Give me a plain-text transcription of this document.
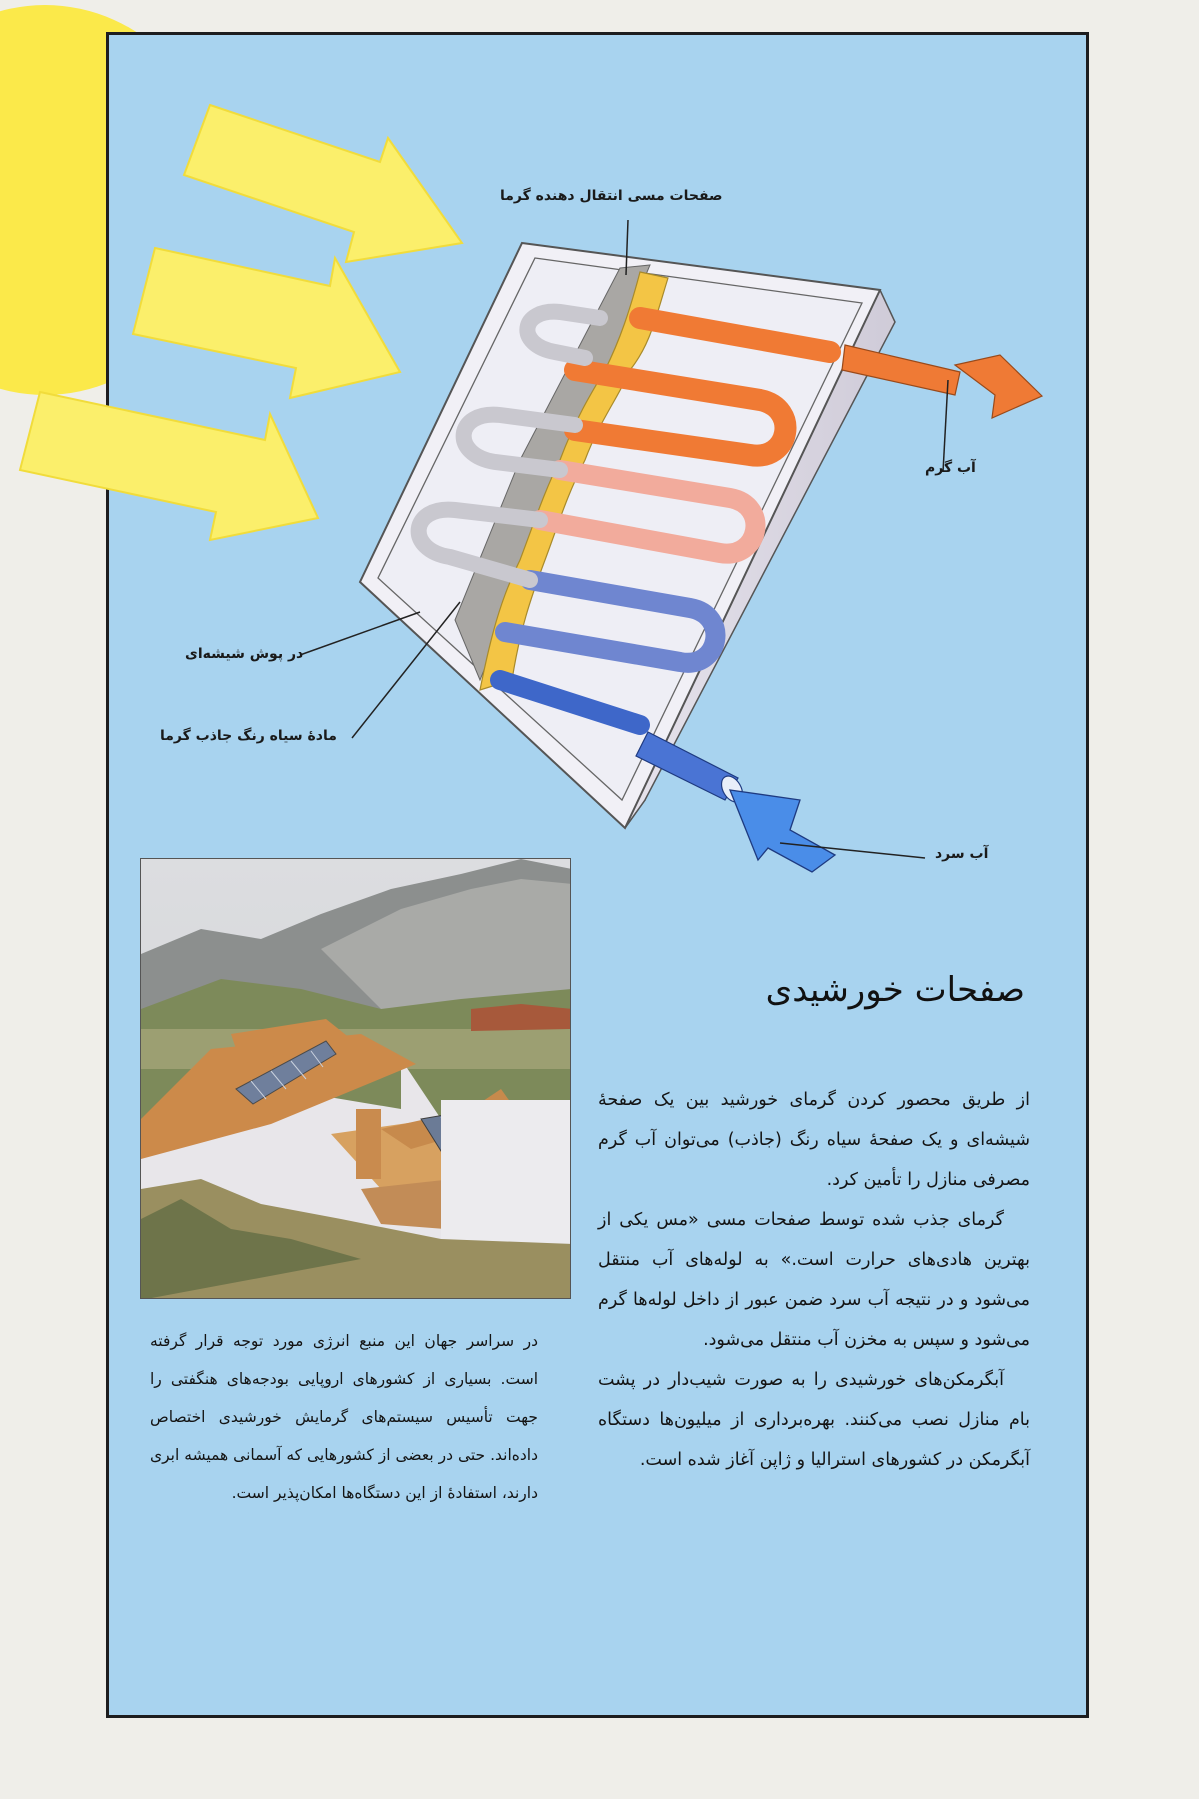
صفحات مسی انتقال دهنده گرما
آب گرم
در پوش شیشه‌ای
مادهٔ سیاه رنگ جاذب گرما
آب سرد
صفحات خورشیدی

از طریق محصور کردن گرمای خورشید بین یک صفحهٔ شیشه‌ای و یک صفحهٔ سیاه رنگ (جاذب) می‌توان آب گرم مصرفی منازل را تأمین کرد.

گرمای جذب شده توسط صفحات مسی «مس یکی از بهترین هادی‌های حرارت است.» به لوله‌های آب منتقل می‌شود و در نتیجه آب سرد ضمن عبور از داخل لوله‌ها گرم می‌شود و سپس به مخزن آب منتقل می‌شود.

آبگرمکن‌های خورشیدی را به صورت شیب‌دار در پشت بام منازل نصب می‌کنند. بهره‌برداری از میلیون‌ها دستگاه آبگرمکن در کشورهای استرالیا و ژاپن آغاز شده است.

در سراسر جهان این منبع انرژی مورد توجه قرار گرفته است. بسیاری از کشورهای اروپایی بودجه‌های هنگفتی را جهت تأسیس سیستم‌های گرمایش خورشیدی اختصاص داده‌اند. حتی در بعضی از کشورهایی که آسمانی همیشه ابری دارند، استفادهٔ از این دستگاه‌ها امکان‌پذیر است.
